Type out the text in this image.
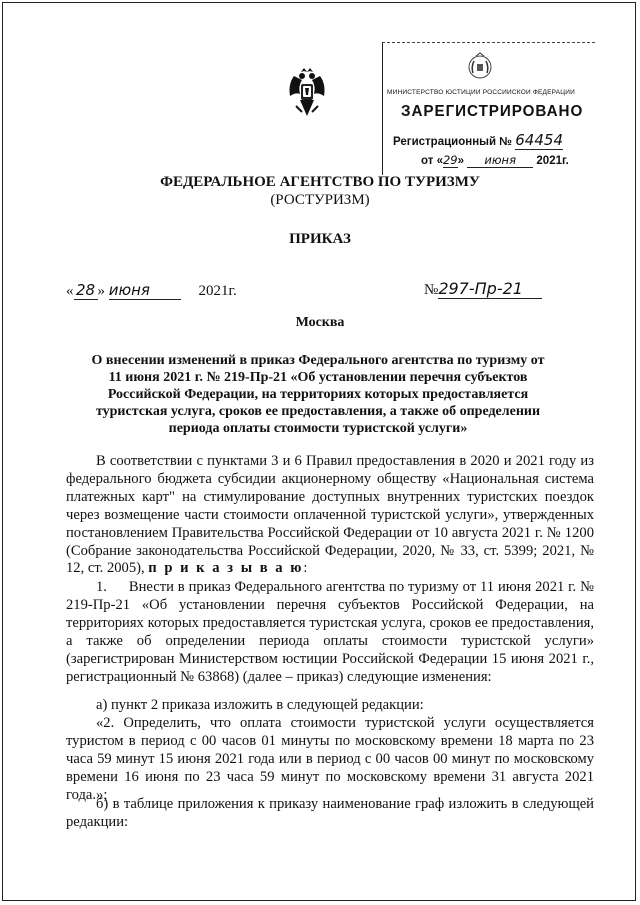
МИНИСТЕРСТВО ЮСТИЦИИ РОССИЙСКОЙ ФЕДЕРАЦИИ
ЗАРЕГИСТРИРОВАНО
Регистрационный № 64454
от «29» июня 2021г.
ФЕДЕРАЛЬНОЕ АГЕНТСТВО ПО ТУРИЗМУ
(РОСТУРИЗМ)
ПРИКАЗ
« 28 » июня	2021г.	№297-Пр-21
Москва
О внесении изменений в приказ Федерального агентства по туризму от 11 июня 2021 г. № 219-Пр-21 «Об установлении перечня субъектов Российской Федерации, на территориях которых предоставляется туристская услуга, сроков ее предоставления, а также об определении периода оплаты стоимости туристской услуги»
В соответствии с пунктами 3 и 6 Правил предоставления в 2020 и 2021 году из федерального бюджета субсидии акционерному обществу «Национальная система платежных карт" на стимулирование доступных внутренних туристских поездок через возмещение части стоимости оплаченной туристской услуги», утвержденных постановлением Правительства Российской Федерации от 10 августа 2021 г. № 1200 (Собрание законодательства Российской Федерации, 2020, № 33, ст. 5399; 2021, № 12, ст. 2005), п р и к а з ы в а ю:
1. Внести в приказ Федерального агентства по туризму от 11 июня 2021 г. № 219-Пр-21 «Об установлении перечня субъектов Российской Федерации, на территориях которых предоставляется туристская услуга, сроков ее предоставления, а также об определении периода оплаты стоимости туристской услуги» (зарегистрирован Министерством юстиции Российской Федерации 15 июня 2021 г., регистрационный № 63868) (далее – приказ) следующие изменения:
а) пункт 2 приказа изложить в следующей редакции:
«2. Определить, что оплата стоимости туристской услуги осуществляется туристом в период с 00 часов 01 минуты по московскому времени 18 марта по 23 часа 59 минут 15 июня 2021 года или в период с 00 часов 00 минут по московскому времени 16 июня по 23 часа 59 минут по московскому времени 31 августа 2021 года.»;
б) в таблице приложения к приказу наименование граф изложить в следующей редакции:
